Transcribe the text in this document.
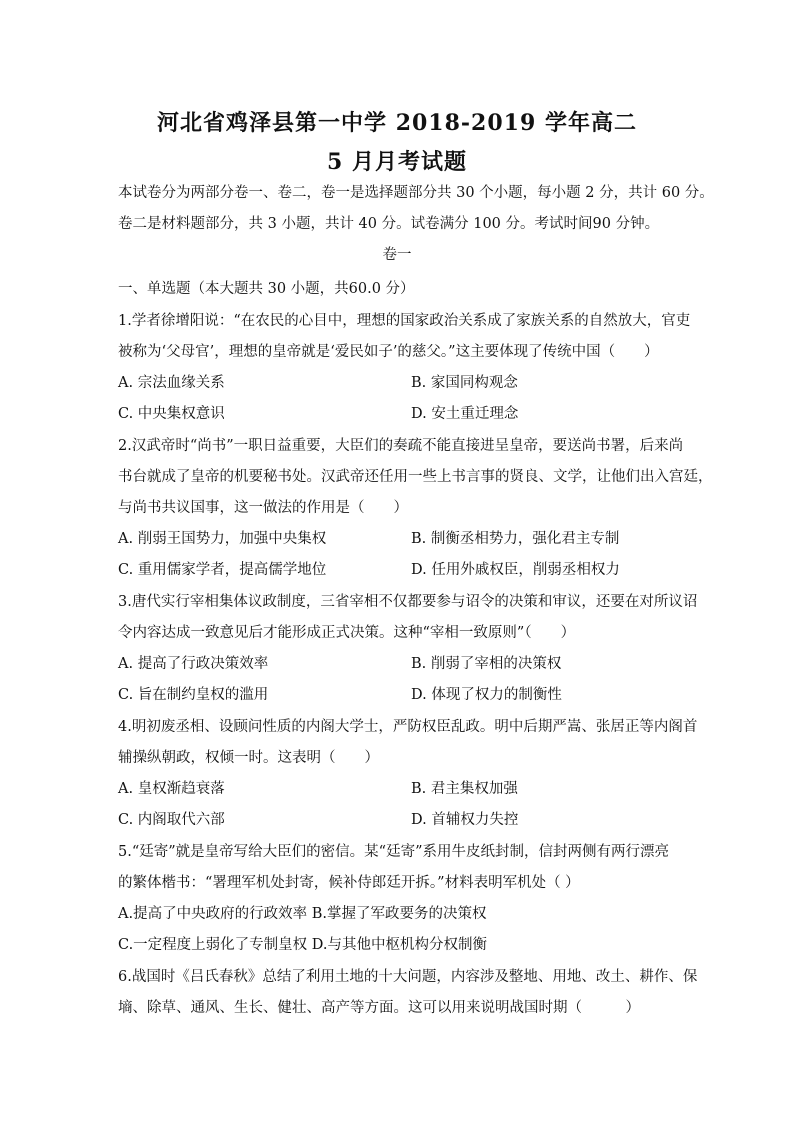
河北省鸡泽县第一中学 2018-2019 学年高二
5 月月考试题
本试卷分为两部分卷一、卷二，卷一是选择题部分共 30 个小题，每小题 2 分，共计 60 分。
卷二是材料题部分，共 3 小题，共计 40 分。试卷满分 100 分。考试时间90 分钟。
卷一
一、单选题（本大题共 30 小题，共60.0 分）
1.学者徐增阳说：“在农民的心目中，理想的国家政治关系成了家族关系的自然放大，官吏
被称为‘父母官’，理想的皇帝就是‘爱民如子’的慈父。”这主要体现了传统中国（　　）
A. 宗法血缘关系	B. 家国同构观念
C. 中央集权意识	D. 安土重迁理念
2.汉武帝时“尚书”一职日益重要，大臣们的奏疏不能直接进呈皇帝，要送尚书署，后来尚
书台就成了皇帝的机要秘书处。汉武帝还任用一些上书言事的贤良、文学，让他们出入宫廷，
与尚书共议国事，这一做法的作用是（　　）
A. 削弱王国势力，加强中央集权	B. 制衡丞相势力，强化君主专制
C. 重用儒家学者，提高儒学地位	D. 任用外戚权臣，削弱丞相权力
3.唐代实行宰相集体议政制度，三省宰相不仅都要参与诏令的决策和审议，还要在对所议诏
令内容达成一致意见后才能形成正式决策。这种“宰相一致原则”（　　）
A. 提高了行政决策效率	B. 削弱了宰相的决策权
C. 旨在制约皇权的滥用	D. 体现了权力的制衡性
4.明初废丞相、设顾问性质的内阁大学士，严防权臣乱政。明中后期严嵩、张居正等内阁首
辅操纵朝政，权倾一时。这表明（　　）
A. 皇权渐趋衰落	B. 君主集权加强
C. 内阁取代六部	D. 首辅权力失控
5.“廷寄”就是皇帝写给大臣们的密信。某“廷寄”系用牛皮纸封制，信封两侧有两行漂亮
的繁体楷书：“署理军机处封寄，候补侍郎廷开拆。”材料表明军机处（ ）
A.提高了中央政府的行政效率 B.掌握了军政要务的决策权
C.一定程度上弱化了专制皇权 D.与其他中枢机构分权制衡
6.战国时《吕氏春秋》总结了利用土地的十大问题，内容涉及整地、用地、改土、耕作、保
墒、除草、通风、生长、健壮、高产等方面。这可以用来说明战国时期（　　　）
